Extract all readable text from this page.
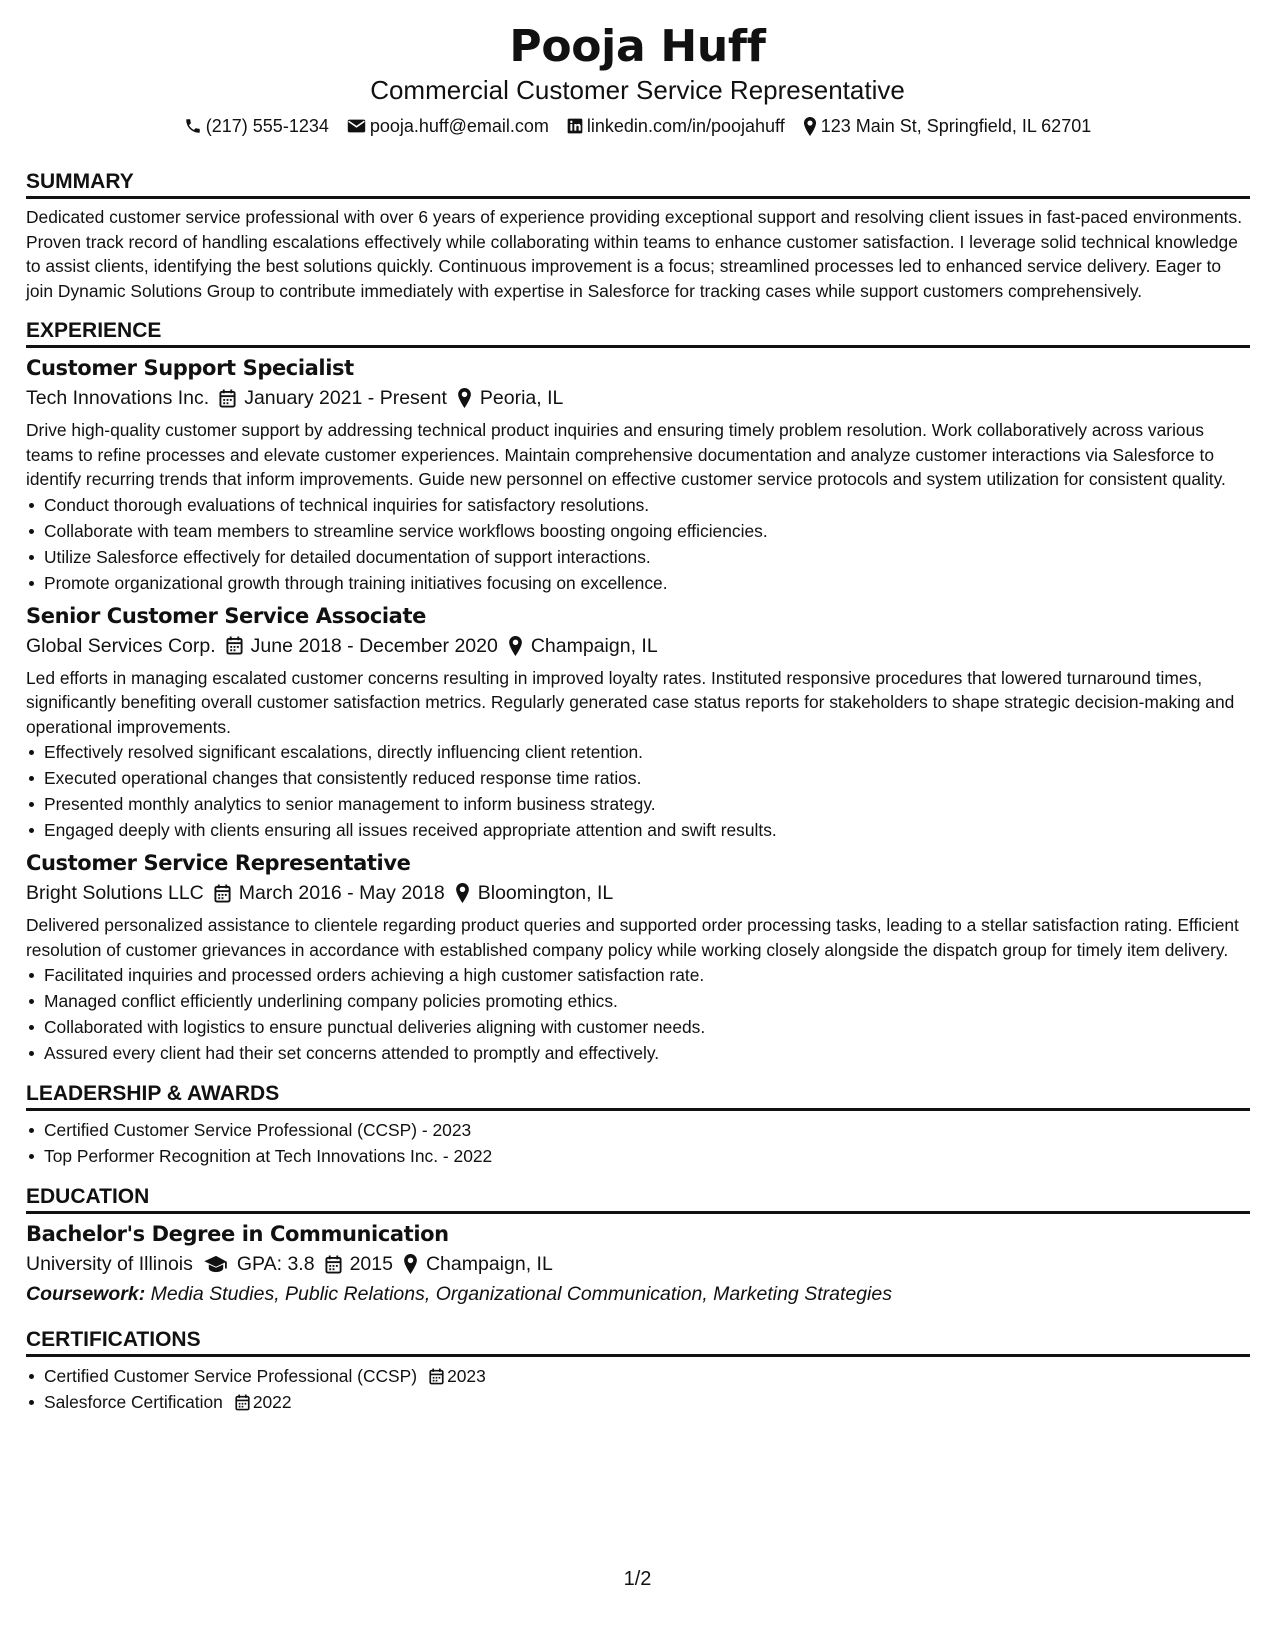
Pooja Huff
Commercial Customer Service Representative
(217) 555-1234 pooja.huff@email.com linkedin.com/in/poojahuff 123 Main St, Springfield, IL 62701
SUMMARY

Dedicated customer service professional with over 6 years of experience providing exceptional support and resolving client issues in fast-paced environments. Proven track record of handling escalations effectively while collaborating within teams to enhance customer satisfaction. I leverage solid technical knowledge to assist clients, identifying the best solutions quickly. Continuous improvement is a focus; streamlined processes led to enhanced service delivery. Eager to join Dynamic Solutions Group to contribute immediately with expertise in Salesforce for tracking cases while support customers comprehensively.

EXPERIENCE
Customer Support Specialist
Tech Innovations Inc. January 2021 - Present Peoria, IL

Drive high-quality customer support by addressing technical product inquiries and ensuring timely problem resolution. Work collaboratively across various teams to refine processes and elevate customer experiences. Maintain comprehensive documentation and analyze customer interactions via Salesforce to identify recurring trends that inform improvements. Guide new personnel on effective customer service protocols and system utilization for consistent quality.

Conduct thorough evaluations of technical inquiries for satisfactory resolutions.
Collaborate with team members to streamline service workflows boosting ongoing efficiencies.
Utilize Salesforce effectively for detailed documentation of support interactions.
Promote organizational growth through training initiatives focusing on excellence.
Senior Customer Service Associate
Global Services Corp. June 2018 - December 2020 Champaign, IL

Led efforts in managing escalated customer concerns resulting in improved loyalty rates. Instituted responsive procedures that lowered turnaround times, significantly benefiting overall customer satisfaction metrics. Regularly generated case status reports for stakeholders to shape strategic decision-making and operational improvements.

Effectively resolved significant escalations, directly influencing client retention.
Executed operational changes that consistently reduced response time ratios.
Presented monthly analytics to senior management to inform business strategy.
Engaged deeply with clients ensuring all issues received appropriate attention and swift results.
Customer Service Representative
Bright Solutions LLC March 2016 - May 2018 Bloomington, IL

Delivered personalized assistance to clientele regarding product queries and supported order processing tasks, leading to a stellar satisfaction rating. Efficient resolution of customer grievances in accordance with established company policy while working closely alongside the dispatch group for timely item delivery.

Facilitated inquiries and processed orders achieving a high customer satisfaction rate.
Managed conflict efficiently underlining company policies promoting ethics.
Collaborated with logistics to ensure punctual deliveries aligning with customer needs.
Assured every client had their set concerns attended to promptly and effectively.
LEADERSHIP & AWARDS
Certified Customer Service Professional (CCSP) - 2023
Top Performer Recognition at Tech Innovations Inc. - 2022
EDUCATION
Bachelor's Degree in Communication
University of Illinois GPA: 3.8 2015 Champaign, IL
Coursework: Media Studies, Public Relations, Organizational Communication, Marketing Strategies
CERTIFICATIONS
Certified Customer Service Professional (CCSP) 2023
Salesforce Certification 2022
1/2
